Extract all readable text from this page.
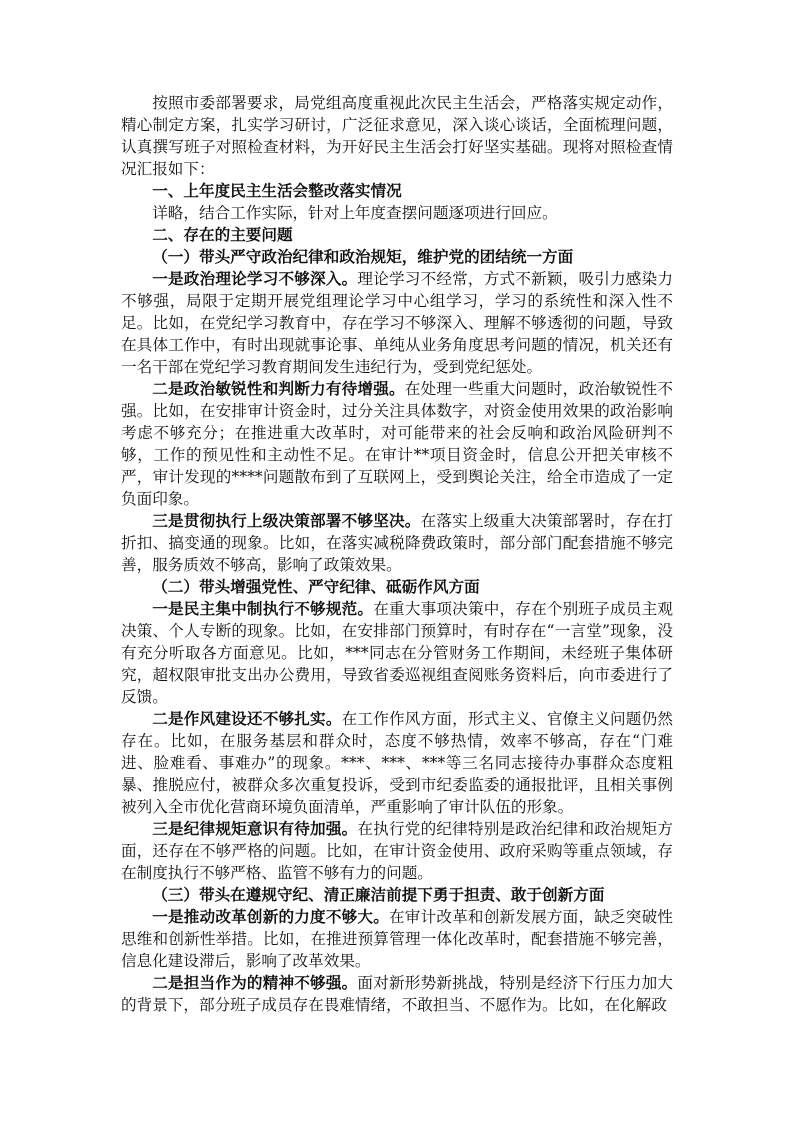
按照市委部署要求，局党组高度重视此次民主生活会，严格落实规定动作，精心制定方案，扎实学习研讨，广泛征求意见，深入谈心谈话，全面梳理问题，认真撰写班子对照检查材料，为开好民主生活会打好坚实基础。现将对照检查情况汇报如下：

一、上年度民主生活会整改落实情况

详略，结合工作实际，针对上年度查摆问题逐项进行回应。

二、存在的主要问题

（一）带头严守政治纪律和政治规矩，维护党的团结统一方面

一是政治理论学习不够深入。理论学习不经常，方式不新颖，吸引力感染力不够强，局限于定期开展党组理论学习中心组学习，学习的系统性和深入性不足。比如，在党纪学习教育中，存在学习不够深入、理解不够透彻的问题，导致在具体工作中，有时出现就事论事、单纯从业务角度思考问题的情况，机关还有一名干部在党纪学习教育期间发生违纪行为，受到党纪惩处。

二是政治敏锐性和判断力有待增强。在处理一些重大问题时，政治敏锐性不强。比如，在安排审计资金时，过分关注具体数字，对资金使用效果的政治影响考虑不够充分；在推进重大改革时，对可能带来的社会反响和政治风险研判不够，工作的预见性和主动性不足。在审计**项目资金时，信息公开把关审核不严，审计发现的****问题散布到了互联网上，受到舆论关注，给全市造成了一定负面印象。

三是贯彻执行上级决策部署不够坚决。在落实上级重大决策部署时，存在打折扣、搞变通的现象。比如，在落实减税降费政策时，部分部门配套措施不够完善，服务质效不够高，影响了政策效果。

（二）带头增强党性、严守纪律、砥砺作风方面

一是民主集中制执行不够规范。在重大事项决策中，存在个别班子成员主观决策、个人专断的现象。比如，在安排部门预算时，有时存在“一言堂”现象，没有充分听取各方面意见。比如，***同志在分管财务工作期间，未经班子集体研究，超权限审批支出办公费用，导致省委巡视组查阅账务资料后，向市委进行了反馈。

二是作风建设还不够扎实。在工作作风方面，形式主义、官僚主义问题仍然存在。比如，在服务基层和群众时，态度不够热情，效率不够高，存在“门难进、脸难看、事难办”的现象。***、***、***等三名同志接待办事群众态度粗暴、推脱应付，被群众多次重复投诉，受到市纪委监委的通报批评，且相关事例被列入全市优化营商环境负面清单，严重影响了审计队伍的形象。

三是纪律规矩意识有待加强。在执行党的纪律特别是政治纪律和政治规矩方面，还存在不够严格的问题。比如，在审计资金使用、政府采购等重点领域，存在制度执行不够严格、监管不够有力的问题。

（三）带头在遵规守纪、清正廉洁前提下勇于担责、敢于创新方面

一是推动改革创新的力度不够大。在审计改革和创新发展方面，缺乏突破性思维和创新性举措。比如，在推进预算管理一体化改革时，配套措施不够完善，信息化建设滞后，影响了改革效果。

二是担当作为的精神不够强。面对新形势新挑战，特别是经济下行压力加大的背景下，部分班子成员存在畏难情绪，不敢担当、不愿作为。比如，在化解政
